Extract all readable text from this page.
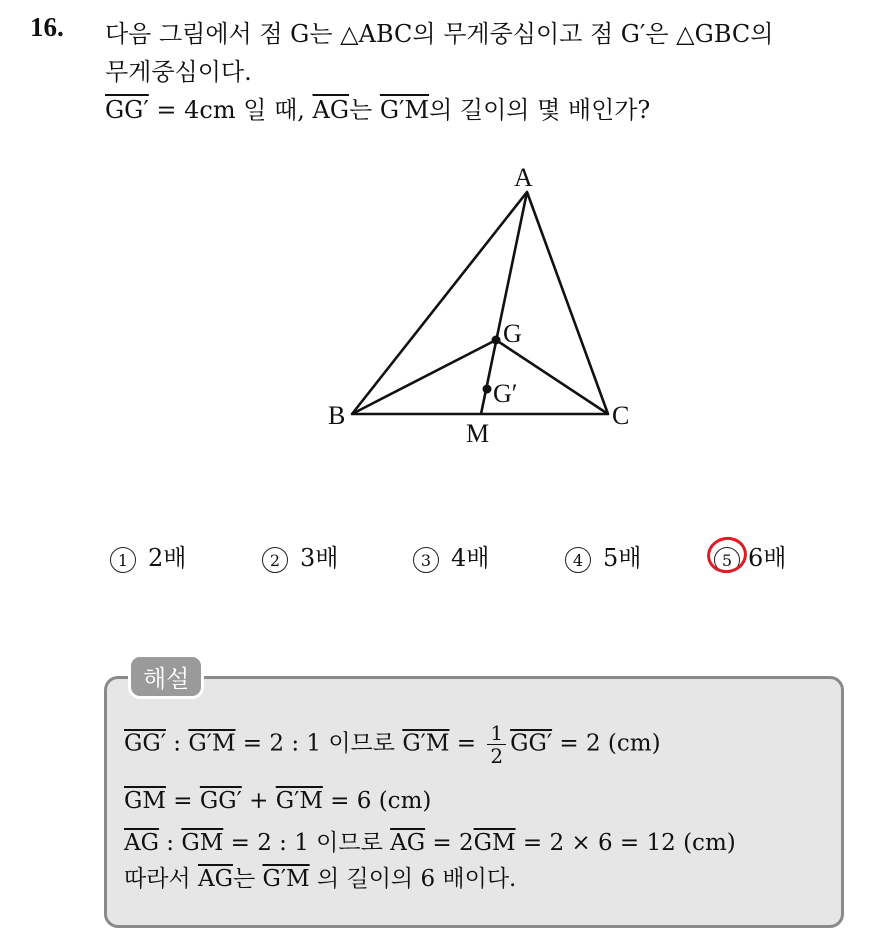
16. 다음 그림에서 점 G는 △ABC의 무게중심이고 점 G′은 △GBC의
무게중심이다.
GG′ = 4cm 일 때, $\overline{AG}$는 G′M의 길이의 몇 배인가?
A
B	C
G
G′
M
1 2배	2 3배	3 4배	4 5배	5 6배
해설
GG′ : G′M = 2 : 1 이므로 $G'M = \frac{1}{2} GG' = 2$ (cm)
$\overline{GM} = GG' + G'M = 6$ (cm)
$\overline{AG}$ : $\overline{GM} = 2$ : 1 이므로 $\overline{AG} = 2\overline{GM} = 2 \times 6 = 12$ (cm)
따라서 $\overline{AG}$는 G′M 의 길이의 6 배이다.
